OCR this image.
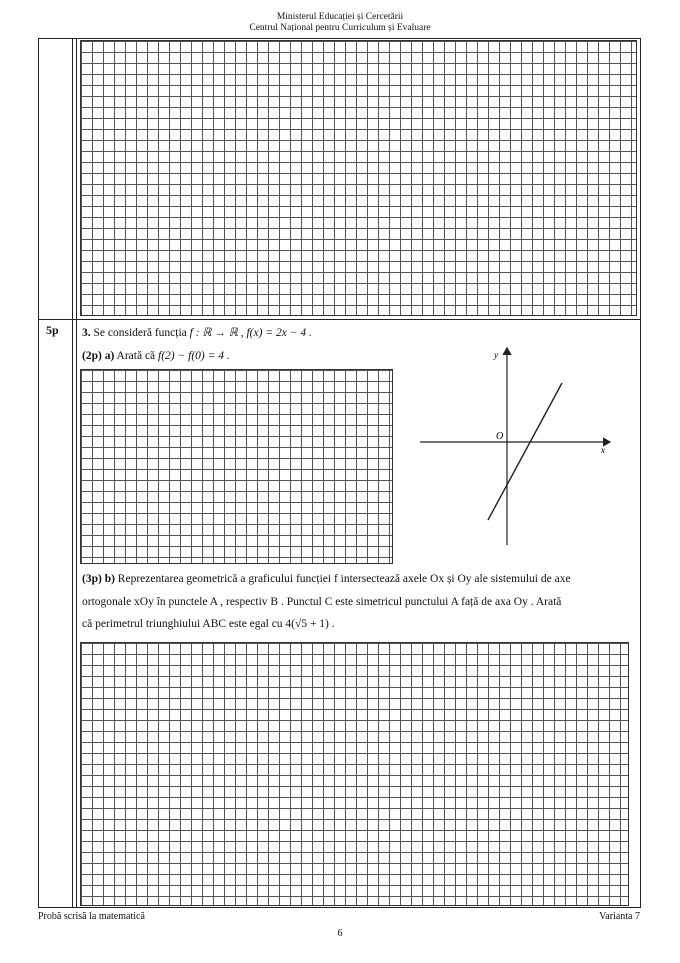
Ministerul Educației și Cercetării
Centrul Național pentru Curriculum și Evaluare
5p 3. Se consideră funcția f : ℝ → ℝ , f(x) = 2x − 4 .
(2p) a) Arată că f(2) − f(0) = 4 .	y
x
O
(3p) b) Reprezentarea geometrică a graficului funcției f intersectează axele Ox și Oy ale sistemului de axe
ortogonale xOy în punctele A , respectiv B . Punctul C este simetricul punctului A față de axa Oy . Arată
că perimetrul triunghiului ABC este egal cu 4(√5 + 1) .
Probă scrisă la matematică	Varianta 7
6
